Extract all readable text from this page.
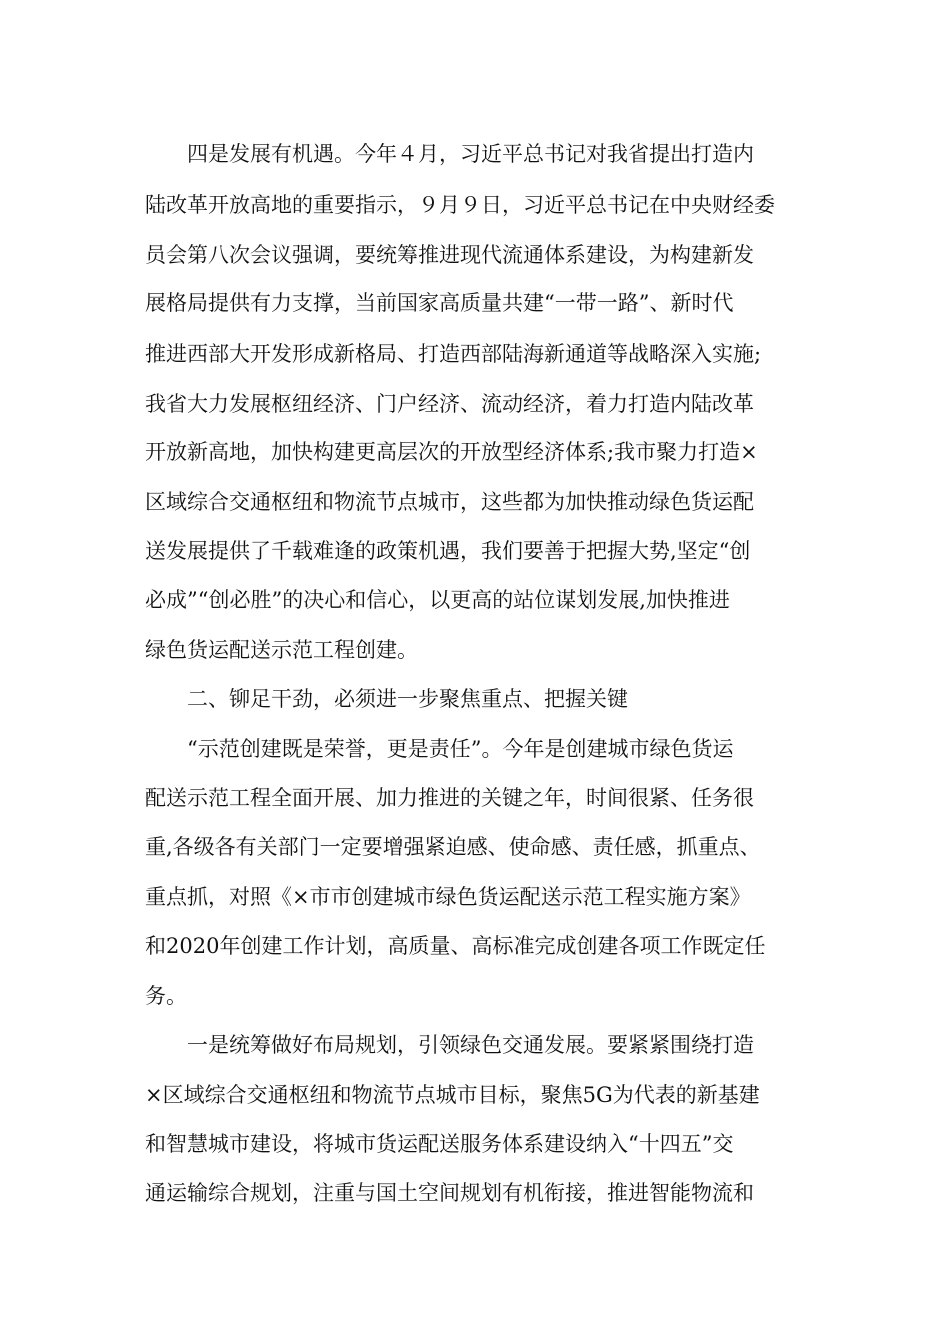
　　四是发展有机遇。今年４月，习近平总书记对我省提出打造内
陆改革开放高地的重要指示，９月９日，习近平总书记在中央财经委
员会第八次会议强调，要统筹推进现代流通体系建设，为构建新发
展格局提供有力支撑，当前国家高质量共建“一带一路”、新时代
推进西部大开发形成新格局、打造西部陆海新通道等战略深入实施;
我省大力发展枢纽经济、门户经济、流动经济，着力打造内陆改革
开放新高地，加快构建更高层次的开放型经济体系;我市聚力打造×
区域综合交通枢纽和物流节点城市，这些都为加快推动绿色货运配
送发展提供了千载难逢的政策机遇，我们要善于把握大势,坚定“创
必成”“创必胜”的决心和信心，以更高的站位谋划发展,加快推进
绿色货运配送示范工程创建。
　　二、铆足干劲，必须进一步聚焦重点、把握关键
　　“示范创建既是荣誉，更是责任”。今年是创建城市绿色货运
配送示范工程全面开展、加力推进的关键之年，时间很紧、任务很
重,各级各有关部门一定要增强紧迫感、使命感、责任感，抓重点、
重点抓，对照《×市市创建城市绿色货运配送示范工程实施方案》
和2020年创建工作计划，高质量、高标准完成创建各项工作既定任
务。
　　一是统筹做好布局规划，引领绿色交通发展。要紧紧围绕打造
×区域综合交通枢纽和物流节点城市目标，聚焦5G为代表的新基建
和智慧城市建设，将城市货运配送服务体系建设纳入“十四五”交
通运输综合规划，注重与国土空间规划有机衔接，推进智能物流和
